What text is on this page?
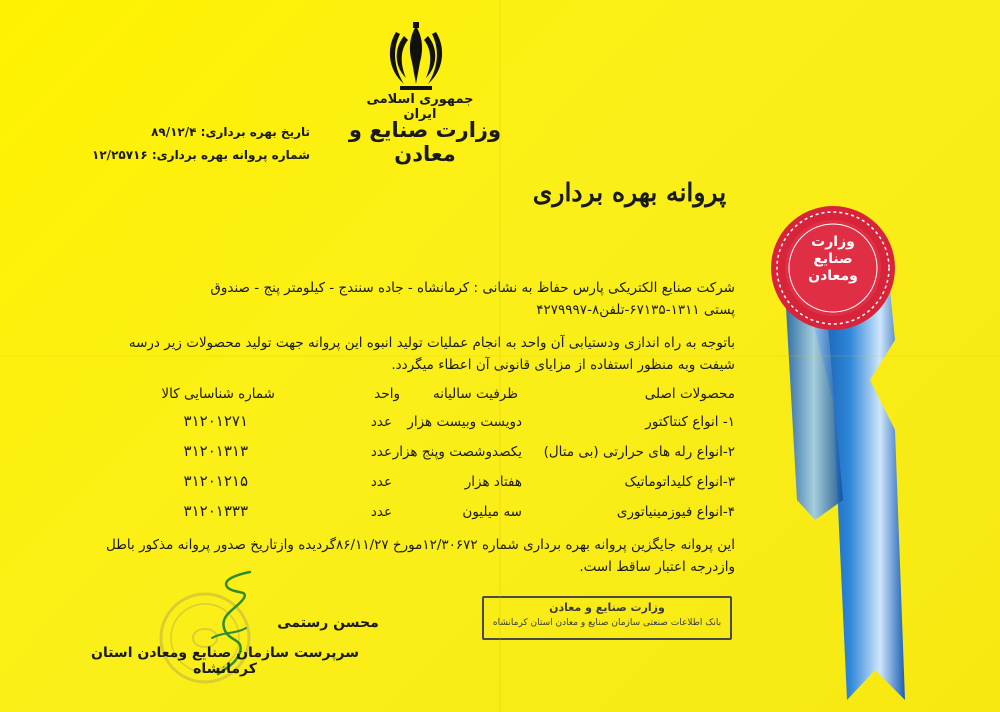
جمهوری اسلامی ایران
وزارت صنایع و معادن
تاریخ بهره برداری: ۸۹/۱۲/۴
شماره پروانه بهره برداری: ۱۲/۲۵۷۱۶
پروانه بهره برداری
شرکت صنایع الکتریکی پارس حفاظ به نشانی : کرمانشاه - جاده سنندج - کیلومتر پنج - صندوق
پستی ۱۳۱۱-۶۷۱۳۵-تلفن۸-۴۲۷۹۹۹۷
باتوجه به راه اندازی ودستیابی آن واحد به انجام عملیات تولید انبوه این پروانه جهت تولید محصولات زیر درسه
شیفت وبه منظور استفاده از مزایای قانونی آن اعطاء میگردد.
محصولات اصلی
ظرفیت سالیانه
واحد
شماره شناسایی کالا
۱- انواع کنتاکتور
دویست وبیست هزار
عدد
۳۱۲۰۱۲۷۱
۲-انواع رله های حرارتی (بی متال)
یکصدوشصت وپنج هزار
عدد
۳۱۲۰۱۳۱۳
۳-انواع کلیداتوماتیک
هفتاد هزار
عدد
۳۱۲۰۱۲۱۵
۴-انواع فیوزمینیاتوری
سه میلیون
عدد
۳۱۲۰۱۳۳۳
این پروانه جایگزین پروانه بهره برداری شماره ۱۲/۳۰۶۷۲مورخ ۸۶/۱۱/۲۷گردیده وازتاریخ صدور پروانه مذکور باطل
وازدرجه اعتبار ساقط است.
محسن رستمی
سرپرست سازمان صنایع ومعادن استان کرمانشاه
وزارت صنایع و معادن
بانک اطلاعات صنعتی سازمان صنایع و معادن استان کرمانشاه
وزارت
صنایع
ومعادن
